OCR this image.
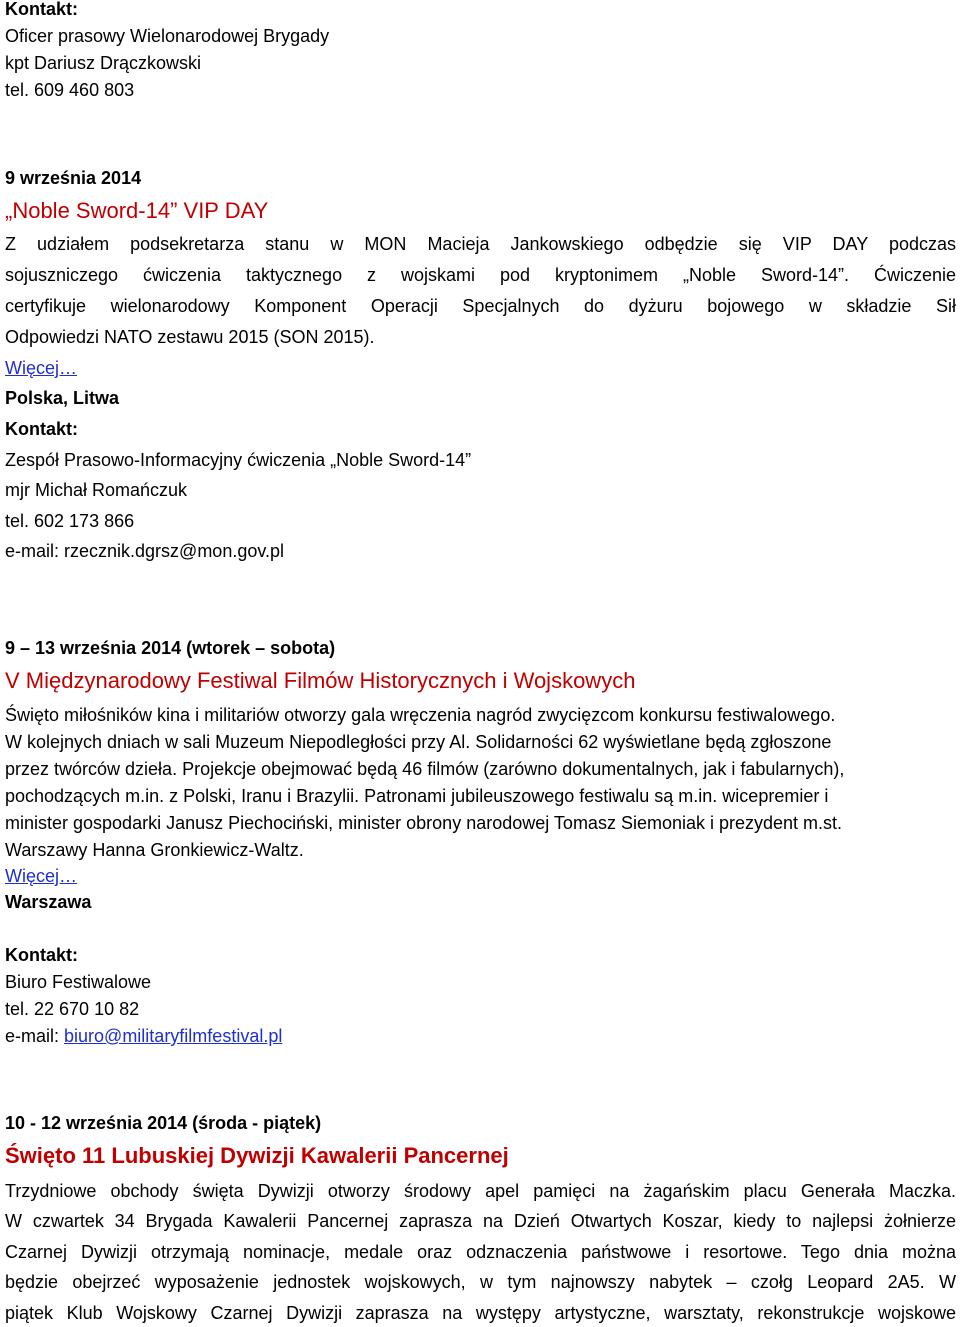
Kontakt:
Oficer prasowy Wielonarodowej Brygady
kpt Dariusz Drączkowski
tel. 609 460 803
9 września 2014
„Noble Sword-14” VIP DAY
Z udziałem podsekretarza stanu w MON Macieja Jankowskiego odbędzie się VIP DAY podczas
sojuszniczego ćwiczenia taktycznego z wojskami pod kryptonimem „Noble Sword-14”. Ćwiczenie
certyfikuje wielonarodowy Komponent Operacji Specjalnych do dyżuru bojowego w składzie Sił
Odpowiedzi NATO zestawu 2015 (SON 2015).
Więcej…
Polska, Litwa
Kontakt:
Zespół Prasowo-Informacyjny ćwiczenia „Noble Sword-14”
mjr Michał Romańczuk
tel. 602 173 866
e-mail: rzecznik.dgrsz@mon.gov.pl
9 – 13 września 2014 (wtorek – sobota)
V Międzynarodowy Festiwal Filmów Historycznych i Wojskowych
Święto miłośników kina i militariów otworzy gala wręczenia nagród zwycięzcom konkursu festiwalowego.
W kolejnych dniach w sali Muzeum Niepodległości przy Al. Solidarności 62 wyświetlane będą zgłoszone
przez twórców dzieła. Projekcje obejmować będą 46 filmów (zarówno dokumentalnych, jak i fabularnych),
pochodzących m.in. z Polski, Iranu i Brazylii. Patronami jubileuszowego festiwalu są m.in. wicepremier i
minister gospodarki Janusz Piechociński, minister obrony narodowej Tomasz Siemoniak i prezydent m.st.
Warszawy Hanna Gronkiewicz-Waltz.
Więcej…
Warszawa
Kontakt:
Biuro Festiwalowe
tel. 22 670 10 82
e-mail: biuro@militaryfilmfestival.pl
10 - 12 września 2014 (środa - piątek)
Święto 11 Lubuskiej Dywizji Kawalerii Pancernej
Trzydniowe obchody święta Dywizji otworzy środowy apel pamięci na żagańskim placu Generała Maczka.
W czwartek 34 Brygada Kawalerii Pancernej zaprasza na Dzień Otwartych Koszar, kiedy to najlepsi żołnierze
Czarnej Dywizji otrzymają nominacje, medale oraz odznaczenia państwowe i resortowe. Tego dnia można
będzie obejrzeć wyposażenie jednostek wojskowych, w tym najnowszy nabytek – czołg Leopard 2A5. W
piątek Klub Wojskowy Czarnej Dywizji zaprasza na występy artystyczne, warsztaty, rekonstrukcje wojskowe
